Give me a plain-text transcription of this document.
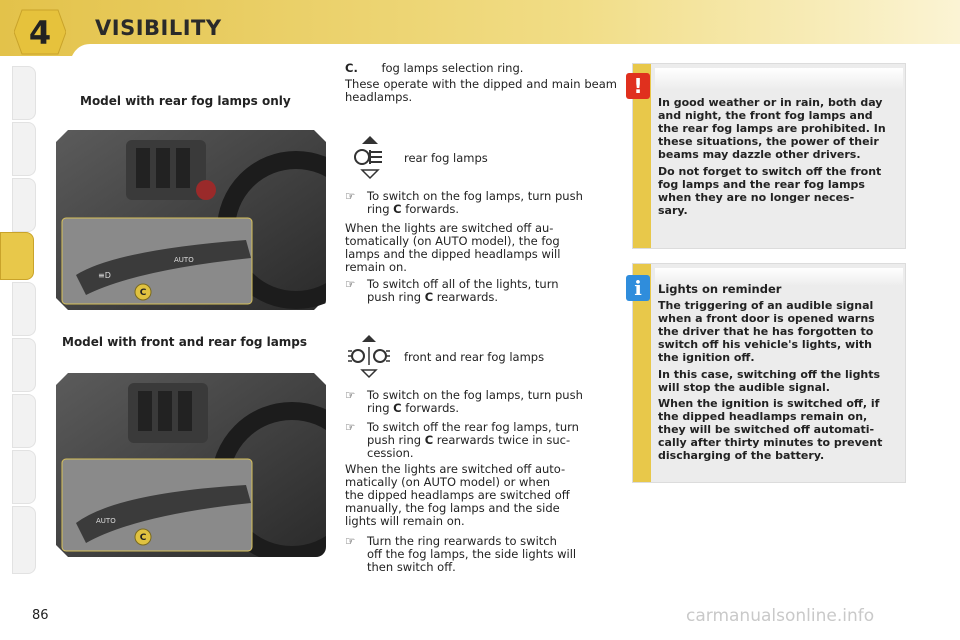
4	VISIBILITY
Model with rear fog lamps only
Model with front and rear fog lamps
≡D
AUTO
C
AUTO
C
C. fog lamps selection ring.
These operate with the dipped and main beam headlamps.
rear fog lamps
☞ To switch on the fog lamps, turn push
ring C forwards.
When the lights are switched off au-
tomatically (on AUTO model), the fog
lamps and the dipped headlamps will
remain on.
☞ To switch off all of the lights, turn
push ring C rearwards.
front and rear fog lamps
☞ To switch on the fog lamps, turn push
ring C forwards.
☞ To switch off the rear fog lamps, turn
push ring C rearwards twice in suc-
cession.
When the lights are switched off auto-
matically (on AUTO model) or when
the dipped headlamps are switched off
manually, the fog lamps and the side
lights will remain on.
☞ Turn the ring rearwards to switch
off the fog lamps, the side lights will
then switch off.
!
In good weather or in rain, both day
and night, the front fog lamps and
the rear fog lamps are prohibited. In
these situations, the power of their
beams may dazzle other drivers.
Do not forget to switch off the front
fog lamps and the rear fog lamps
when they are no longer neces-
sary.
i	Lights on reminder
The triggering of an audible signal
when a front door is opened warns
the driver that he has forgotten to
switch off his vehicle's lights, with
the ignition off.
In this case, switching off the lights
will stop the audible signal.
When the ignition is switched off, if
the dipped headlamps remain on,
they will be switched off automati-
cally after thirty minutes to prevent
discharging of the battery.
86	carmanualsonline.info
